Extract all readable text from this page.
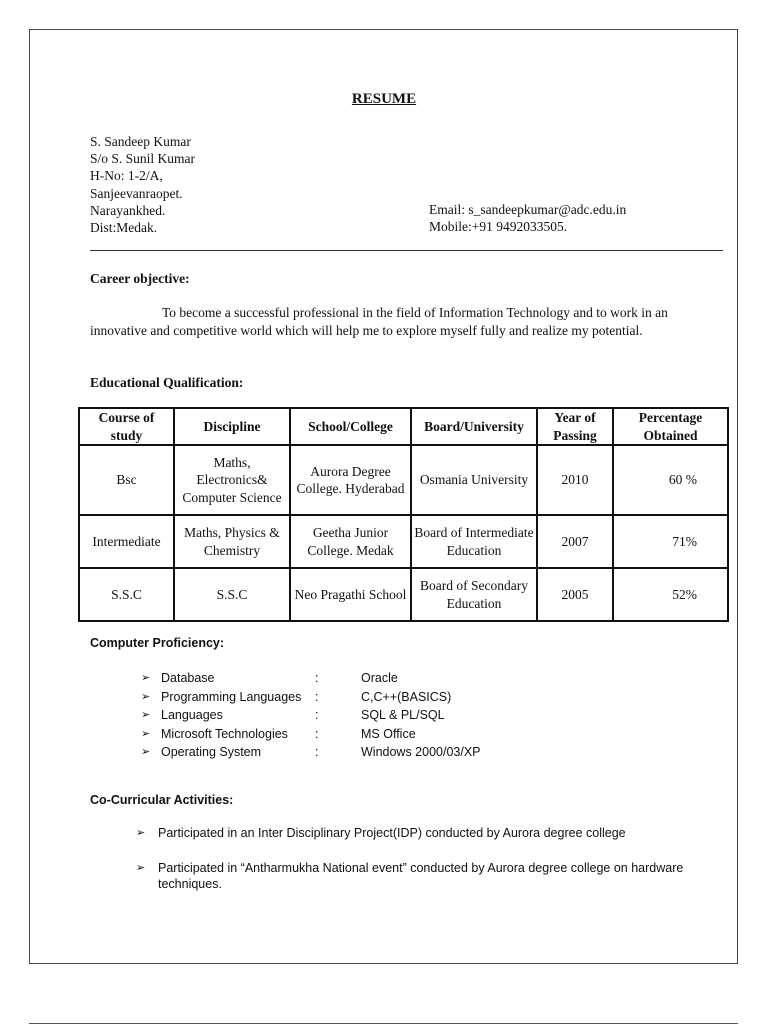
RESUME
S. Sandeep Kumar
S/o S. Sunil Kumar
H-No: 1-2/A,
Sanjeevanraopet.
Narayankhed.
Dist:Medak.
Email: s_sandeepkumar@adc.edu.in
Mobile:+91 9492033505.
Career objective:
To become a successful professional in the field of Information Technology and to work in an innovative and competitive world which will help me to explore myself fully and realize my potential.
Educational Qualification:
Course of study	Discipline	School/College	Board/University	Year of Passing	Percentage Obtained
Bsc	Maths, Electronics& Computer Science	Aurora Degree College. Hyderabad	Osmania University	2010	60 %
Intermediate	Maths, Physics & Chemistry	Geetha Junior College. Medak	Board of Intermediate Education	2007	71%
S.S.C	S.S.C	Neo Pragathi School	Board of Secondary Education	2005	52%
Computer Proficiency:
➢ Database	:	Oracle
➢ Programming Languages :	C,C++(BASICS)
➢ Languages	:	SQL & PL/SQL
➢ Microsoft Technologies :	MS Office
➢ Operating System	:	Windows 2000/03/XP
Co-Curricular Activities:
➢ Participated in an Inter Disciplinary Project(IDP) conducted by Aurora degree college
➢ Participated in “Antharmukha National event” conducted by Aurora degree college on hardware techniques.
